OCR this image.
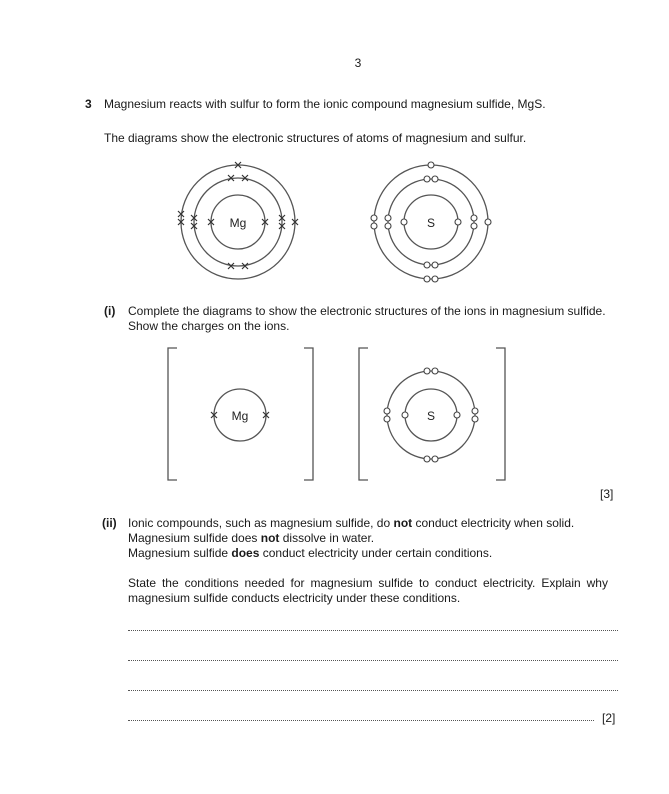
3
3 Magnesium reacts with sulfur to form the ionic compound magnesium sulfide, MgS.
The diagrams show the electronic structures of atoms of magnesium and sulfur.
Mg	S
Mg	S
(i) Complete the diagrams to show the electronic structures of the ions in magnesium sulfide.
Show the charges on the ions.
[3]
(ii) Ionic compounds, such as magnesium sulfide, do not conduct electricity when solid.
Magnesium sulfide does not dissolve in water.
Magnesium sulfide does conduct electricity under certain conditions.
State the conditions needed for magnesium sulfide to conduct electricity. Explain why
magnesium sulfide conducts electricity under these conditions.
[2]
